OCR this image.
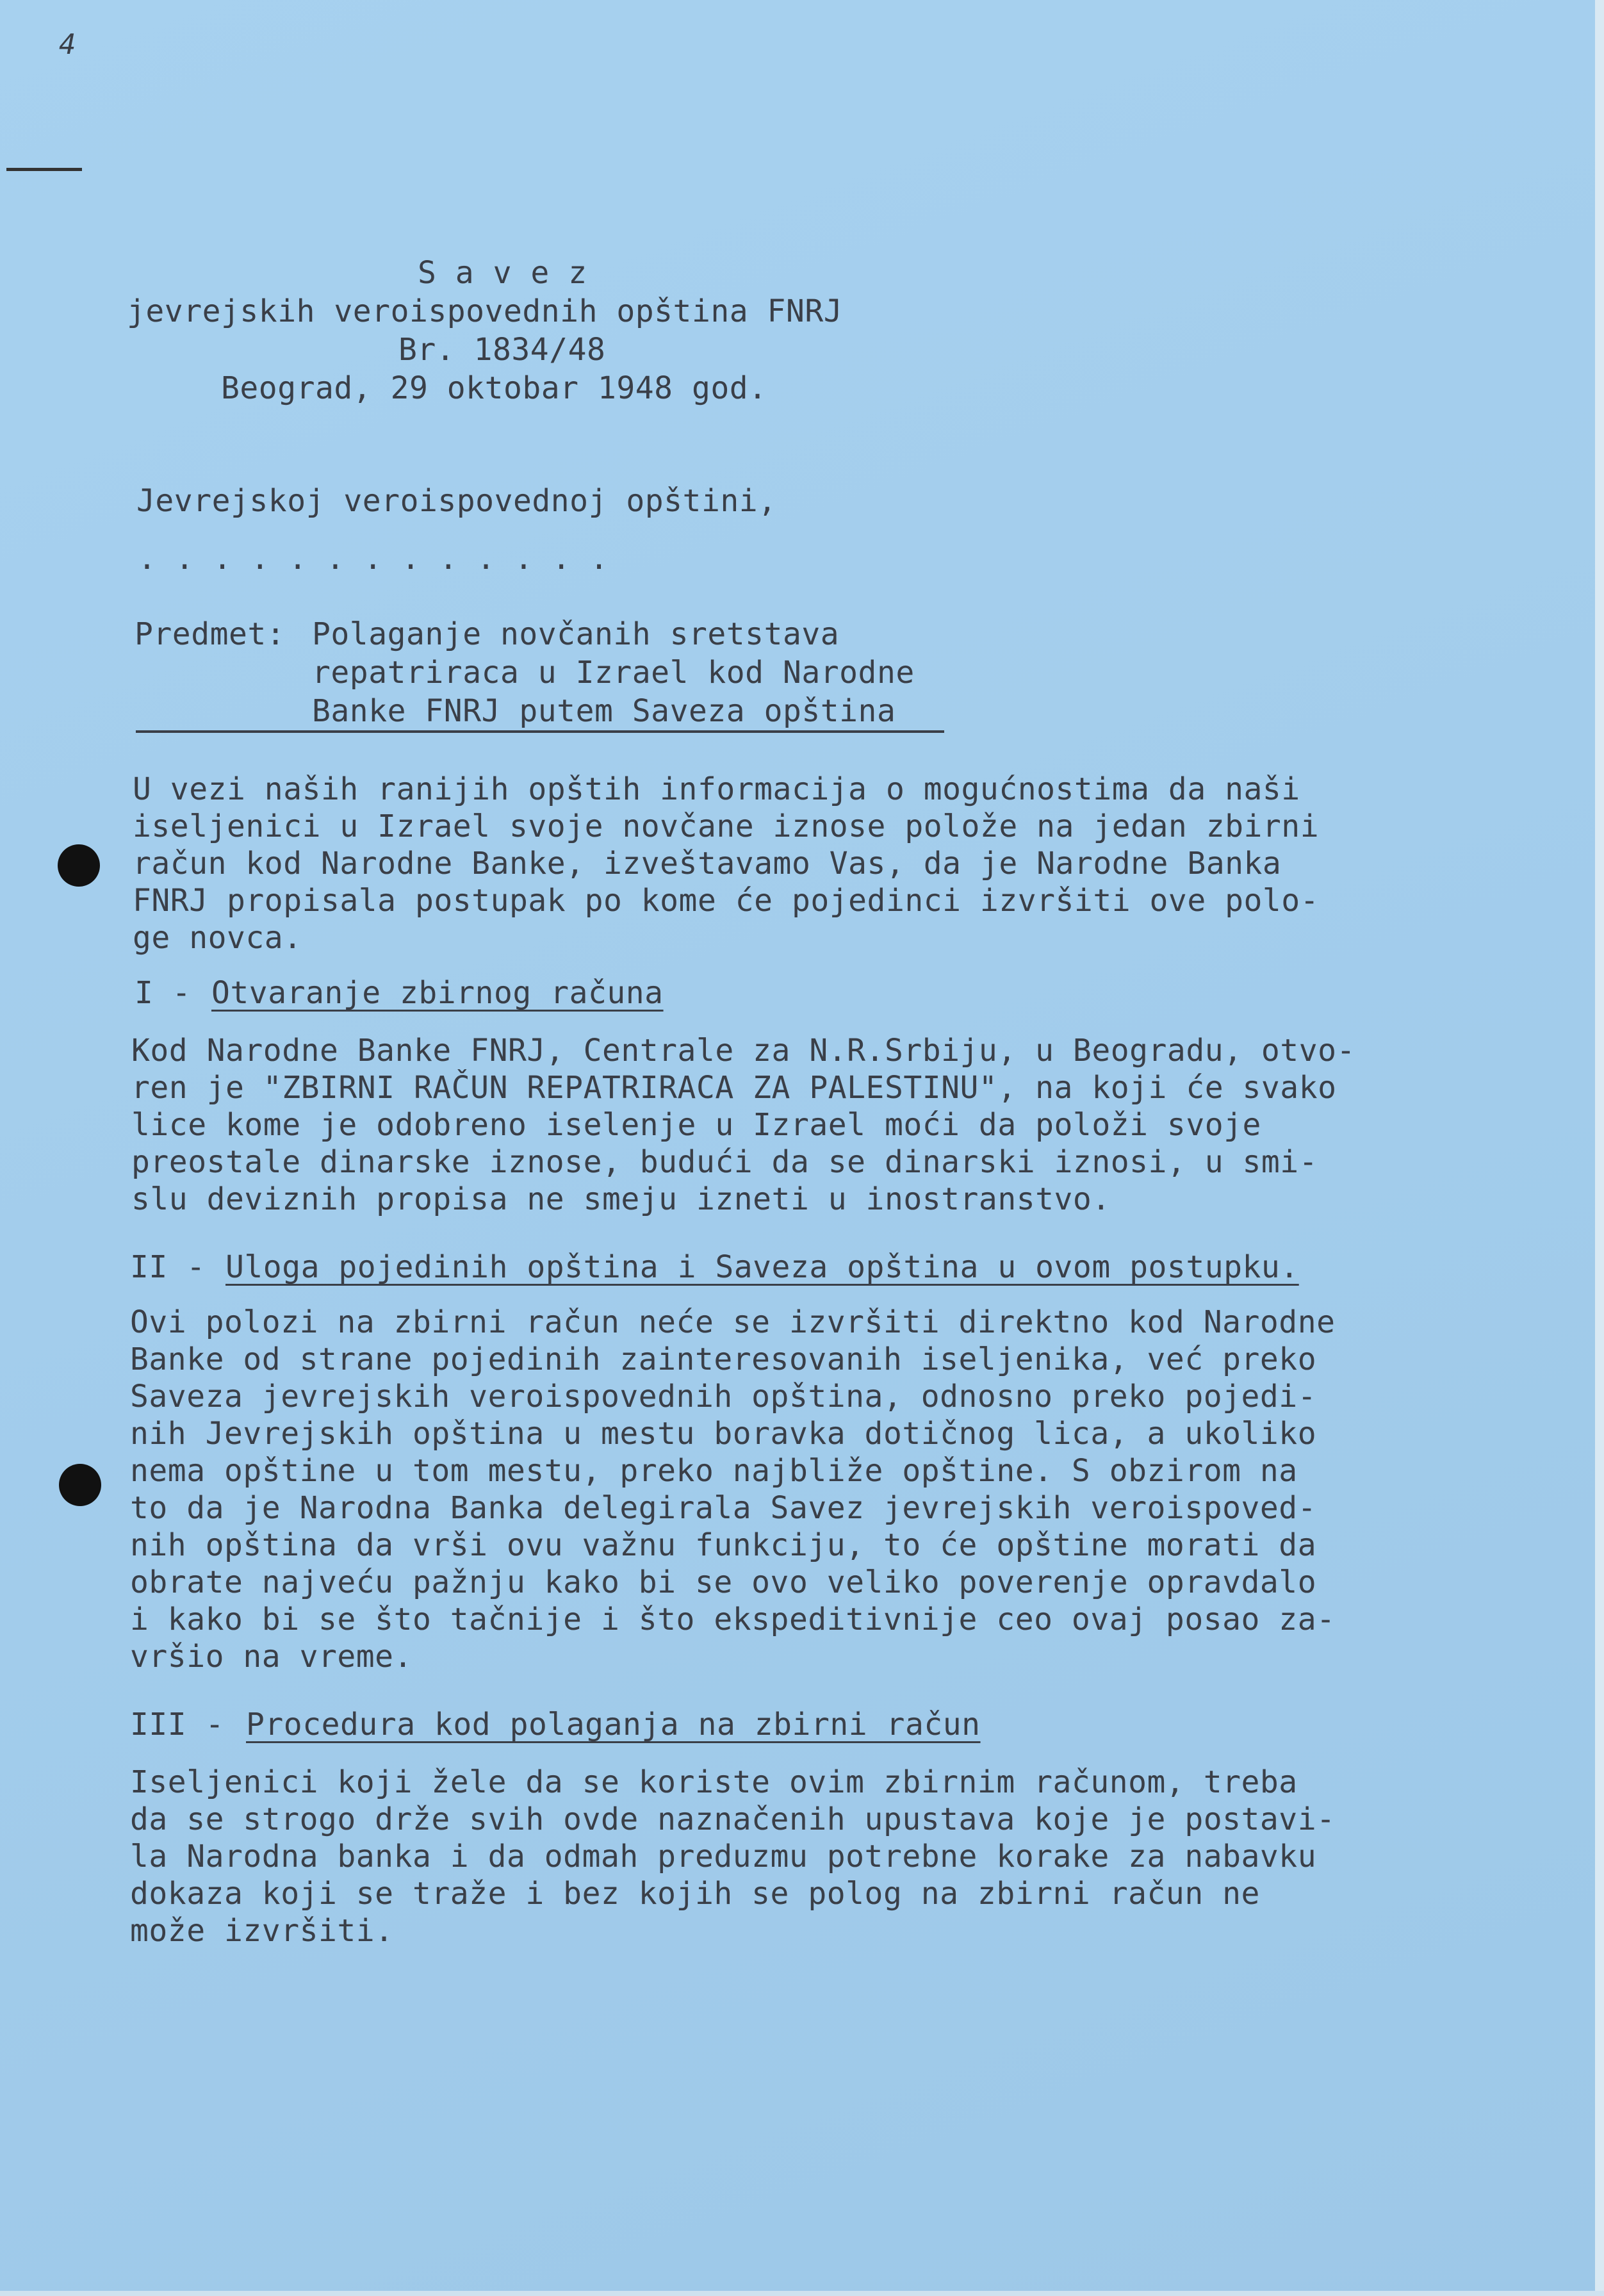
4
S a v e z
jevrejskih veroispovednih opština FNRJ
Br. 1834/48
Beograd, 29 oktobar 1948 god.
Jevrejskoj veroispovednoj opštini,
. . . . . . . . . . . . .
Predmet: Polaganje novčanih sretstava
repatriraca u Izrael kod Narodne
Banke FNRJ putem Saveza opština
U vezi naših ranijih opštih informacija o mogućnostima da naši
iseljenici u Izrael svoje novčane iznose polože na jedan zbirni
račun kod Narodne Banke, izveštavamo Vas, da je Narodne Banka
FNRJ propisala postupak po kome će pojedinci izvršiti ove polo-
ge novca.
I - Otvaranje zbirnog računa
Kod Narodne Banke FNRJ, Centrale za N.R.Srbiju, u Beogradu, otvo-
ren je "ZBIRNI RAČUN REPATRIRACA ZA PALESTINU", na koji će svako
lice kome je odobreno iselenje u Izrael moći da položi svoje
preostale dinarske iznose, budući da se dinarski iznosi, u smi-
slu deviznih propisa ne smeju izneti u inostranstvo.
II - Uloga pojedinih opština i Saveza opština u ovom postupku.
Ovi polozi na zbirni račun neće se izvršiti direktno kod Narodne
Banke od strane pojedinih zainteresovanih iseljenika, već preko
Saveza jevrejskih veroispovednih opština, odnosno preko pojedi-
nih Jevrejskih opština u mestu boravka dotičnog lica, a ukoliko
nema opštine u tom mestu, preko najbliže opštine. S obzirom na
to da je Narodna Banka delegirala Savez jevrejskih veroispoved-
nih opština da vrši ovu važnu funkciju, to će opštine morati da
obrate najveću pažnju kako bi se ovo veliko poverenje opravdalo
i kako bi se što tačnije i što ekspeditivnije ceo ovaj posao za-
vršio na vreme.
III - Procedura kod polaganja na zbirni račun
Iseljenici koji žele da se koriste ovim zbirnim računom, treba
da se strogo drže svih ovde naznačenih upustava koje je postavi-
la Narodna banka i da odmah preduzmu potrebne korake za nabavku
dokaza koji se traže i bez kojih se polog na zbirni račun ne
može izvršiti.
